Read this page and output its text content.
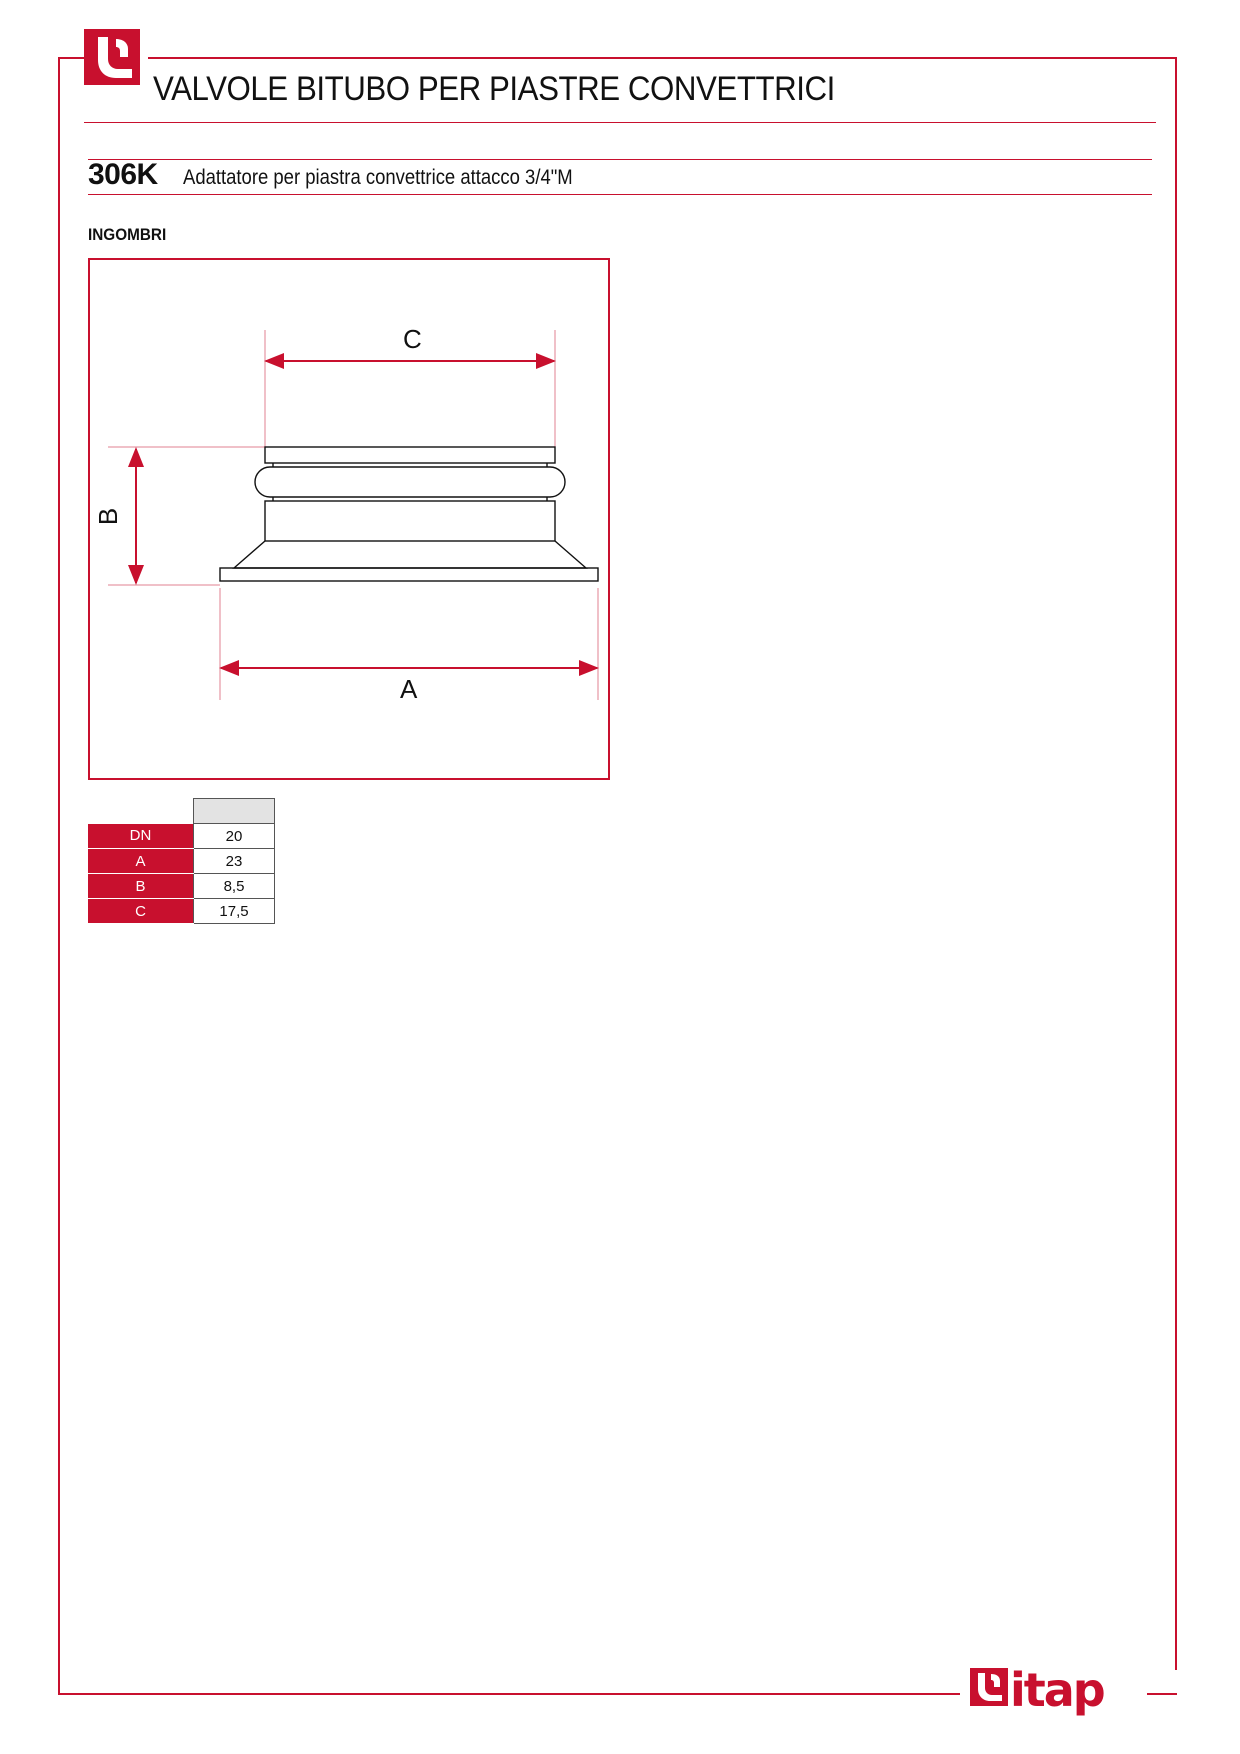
VALVOLE BITUBO PER PIASTRE CONVETTRICI
306K Adattatore per piastra convettrice attacco 3/4"M
INGOMBRI
C
B
A

DN	20
A	23
B	8,5
C	17,5
itap
